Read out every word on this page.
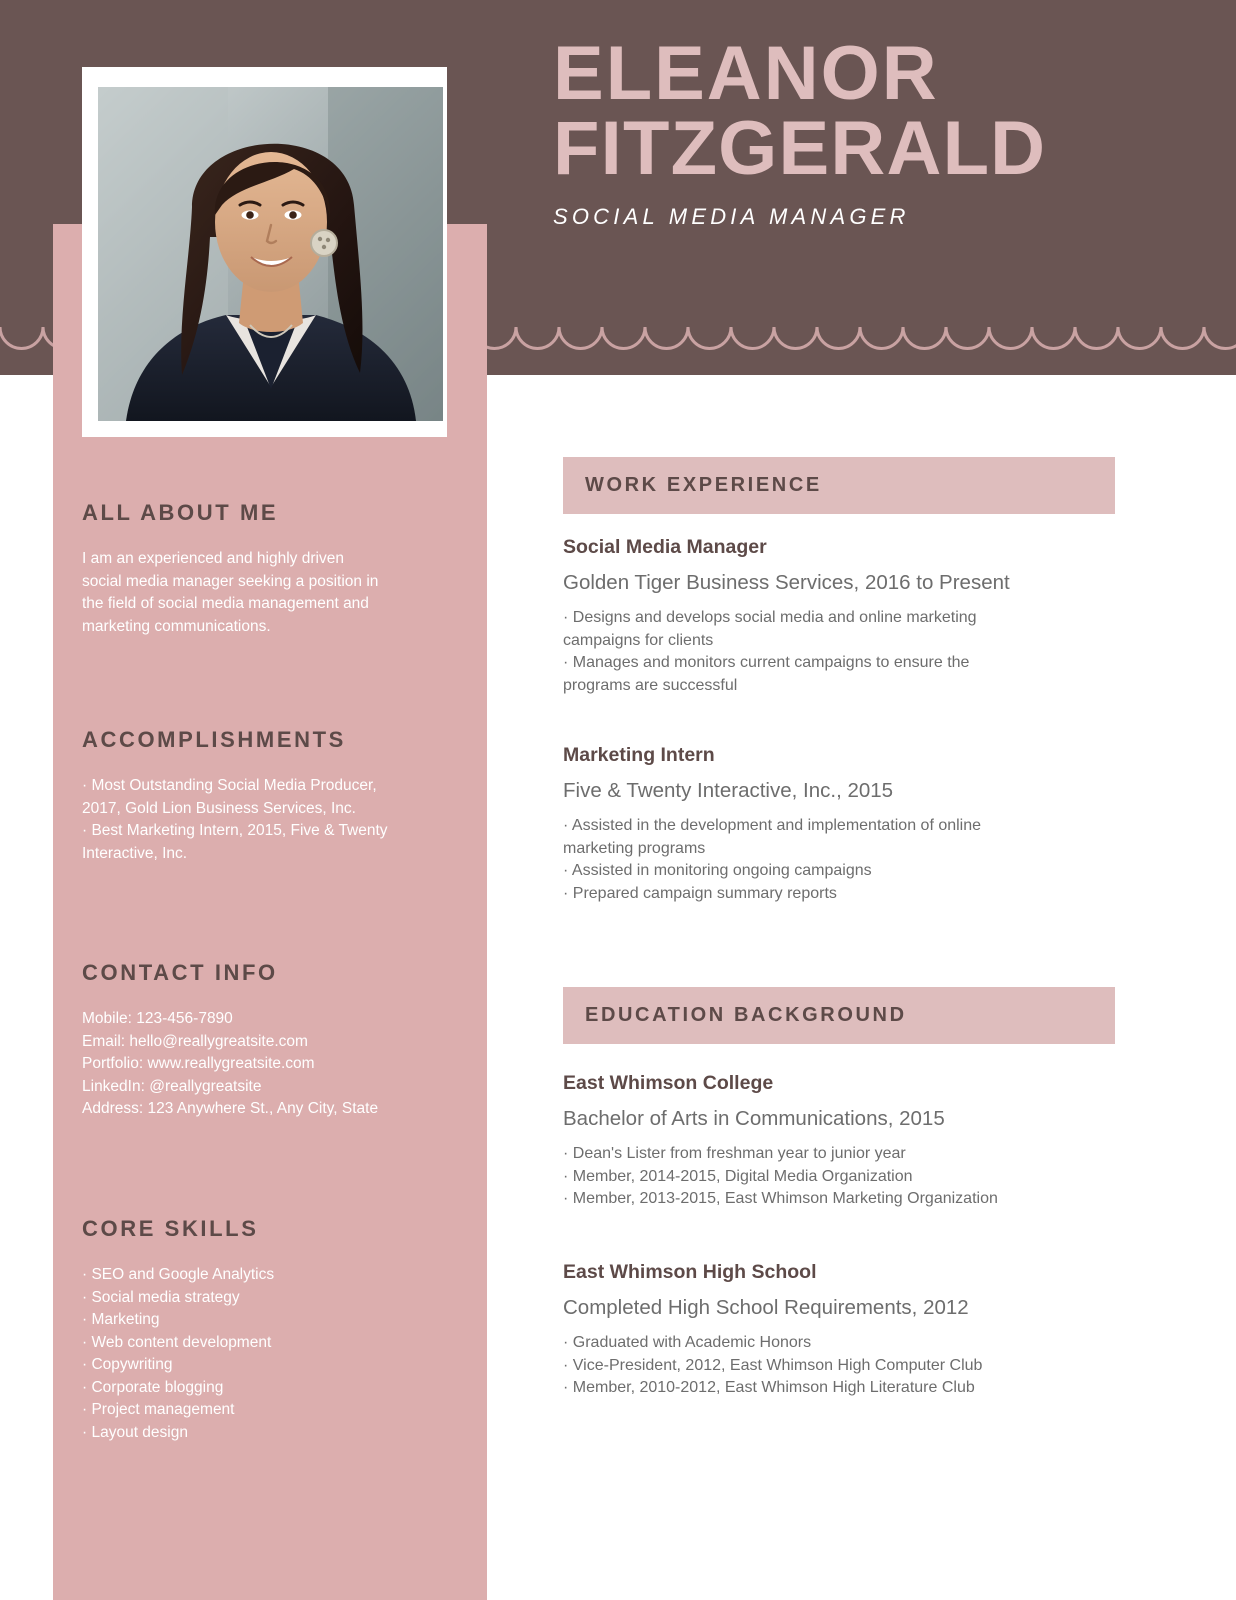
ELEANOR
FITZGERALD
SOCIAL MEDIA MANAGER
ALL ABOUT ME
I am an experienced and highly driven
social media manager seeking a position in
the field of social media management and
marketing communications.
ACCOMPLISHMENTS
· Most Outstanding Social Media Producer,
2017, Gold Lion Business Services, Inc.
· Best Marketing Intern, 2015, Five & Twenty
Interactive, Inc.
CONTACT INFO
Mobile: 123-456-7890
Email: hello@reallygreatsite.com
Portfolio: www.reallygreatsite.com
LinkedIn: @reallygreatsite
Address: 123 Anywhere St., Any City, State
CORE SKILLS
· SEO and Google Analytics
· Social media strategy
· Marketing
· Web content development
· Copywriting
· Corporate blogging
· Project management
· Layout design
WORK EXPERIENCE
Social Media Manager
Golden Tiger Business Services, 2016 to Present
· Designs and develops social media and online marketing
campaigns for clients
· Manages and monitors current campaigns to ensure the
programs are successful
Marketing Intern
Five & Twenty Interactive, Inc., 2015
· Assisted in the development and implementation of online
marketing programs
· Assisted in monitoring ongoing campaigns
· Prepared campaign summary reports
EDUCATION BACKGROUND
East Whimson College
Bachelor of Arts in Communications, 2015
· Dean's Lister from freshman year to junior year
· Member, 2014-2015, Digital Media Organization
· Member, 2013-2015, East Whimson Marketing Organization
East Whimson High School
Completed High School Requirements, 2012
· Graduated with Academic Honors
· Vice-President, 2012, East Whimson High Computer Club
· Member, 2010-2012, East Whimson High Literature Club
